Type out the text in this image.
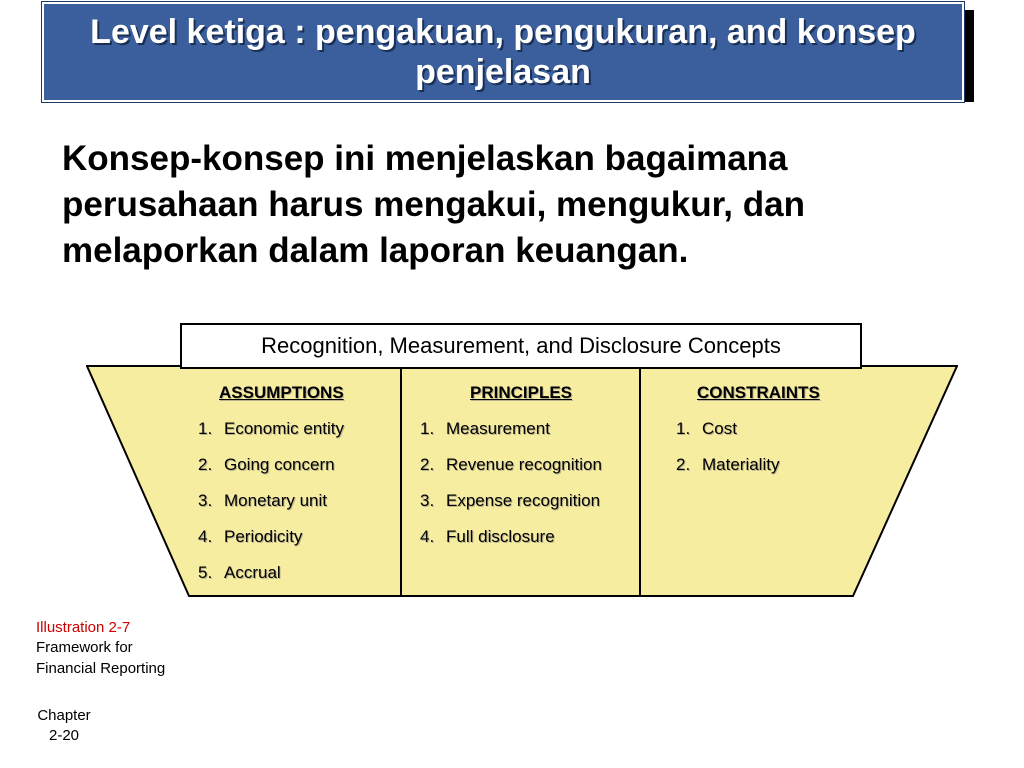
Level ketiga : pengakuan, pengukuran, and konsep penjelasan
Konsep-konsep ini menjelaskan bagaimana perusahaan harus mengakui, mengukur, dan melaporkan dalam laporan keuangan.
Recognition, Measurement, and Disclosure Concepts
ASSUMPTIONS
1. Economic entity
2. Going concern
3. Monetary unit
4. Periodicity
5. Accrual
PRINCIPLES
1. Measurement
2. Revenue recognition
3. Expense recognition
4. Full disclosure
CONSTRAINTS
1. Cost
2. Materiality
Illustration 2-7
Framework for
Financial Reporting
Chapter
2-20
